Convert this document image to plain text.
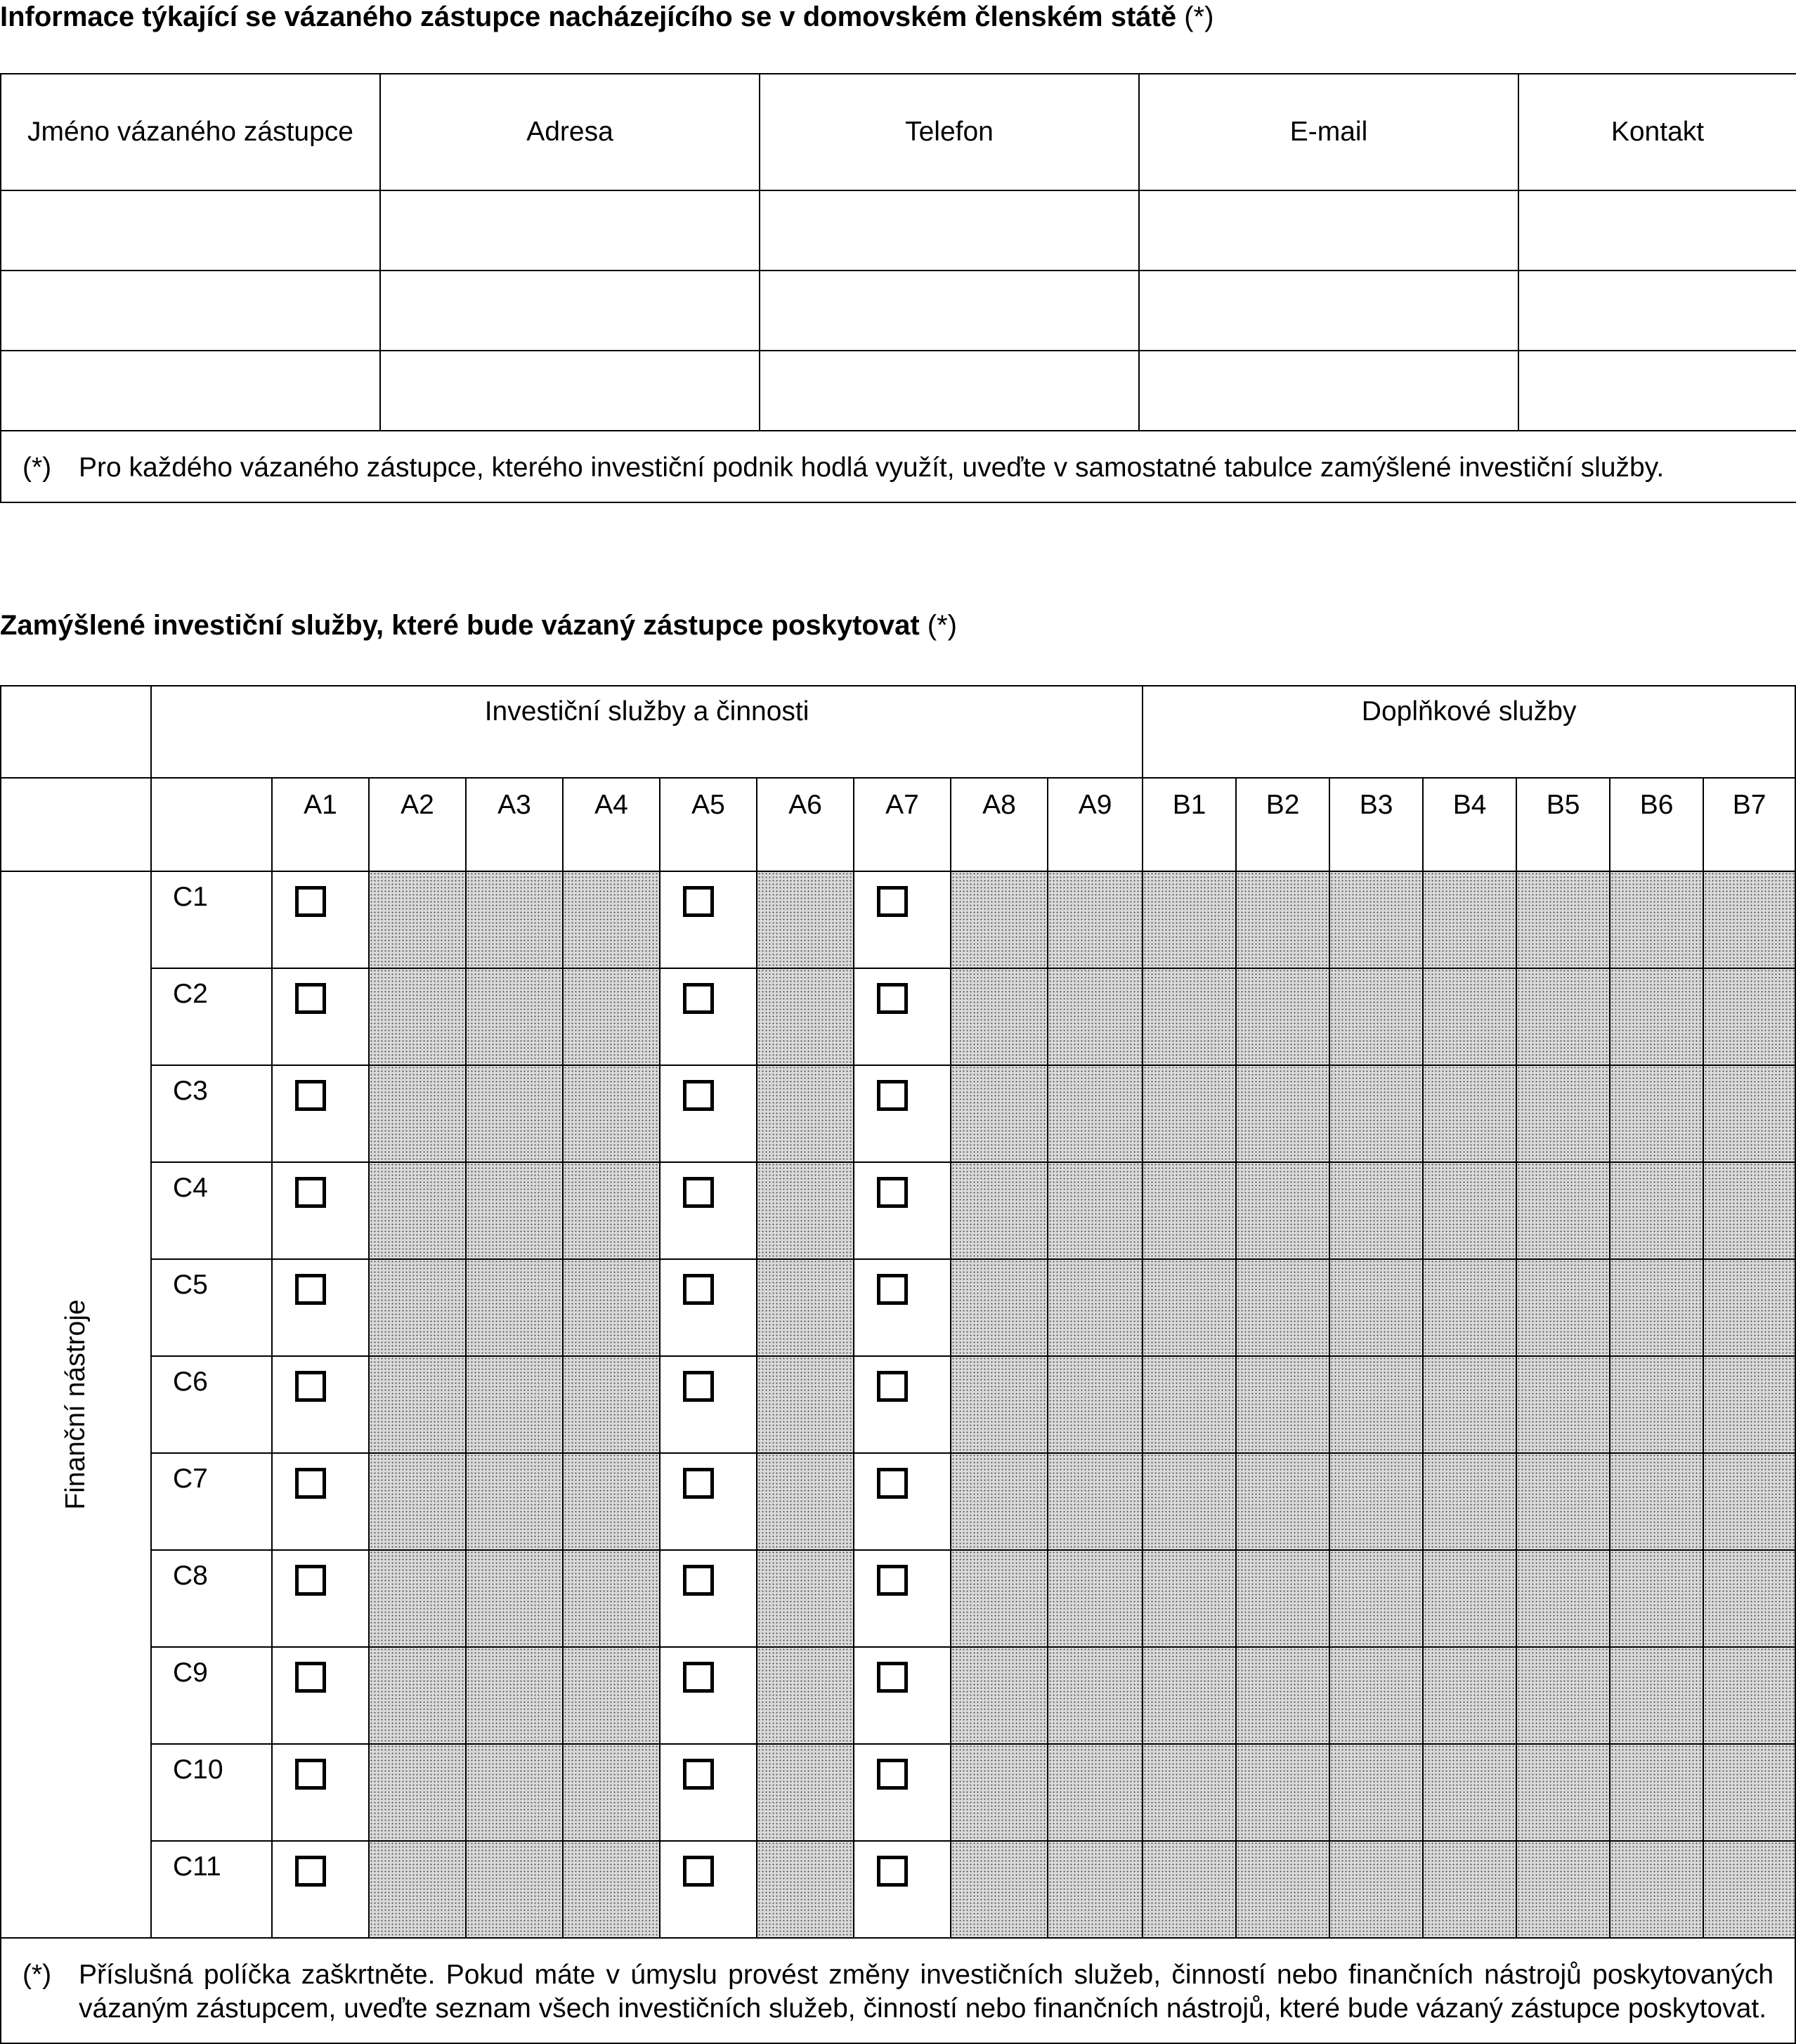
Informace týkající se vázaného zástupce nacházejícího se v domovském členském státě (*)
Jméno vázaného zástupce	Adresa	Telefon	E-mail	Kontakt

(*) Pro každého vázaného zástupce, kterého investiční podnik hodlá využít, uveďte v samostatné tabulce zamýšlené investiční služby.				
Zamýšlené investiční služby, které bude vázaný zástupce poskytovat (*)
	Investiční služby a činnosti										Doplňkové služby						
		A1	A2	A3	A4	A5	A6	A7	A8	A9	B1	B2	B3	B4	B5	B6	B7

Finanční nástroje	C1	

	C2	

	C3	

	C4	

	C5	

	C6	

	C7	

	C8	

	C9	

	C10	

	C11	

(*) Příslušná políčka zaškrtněte. Pokud máte v úmyslu provést změny investičních služeb, činností nebo finančních nástrojů poskytovaných vázaným zástupcem, uveďte seznam všech investičních služeb, činností nebo finančních nástrojů, které bude vázaný zástupce poskytovat.																	
